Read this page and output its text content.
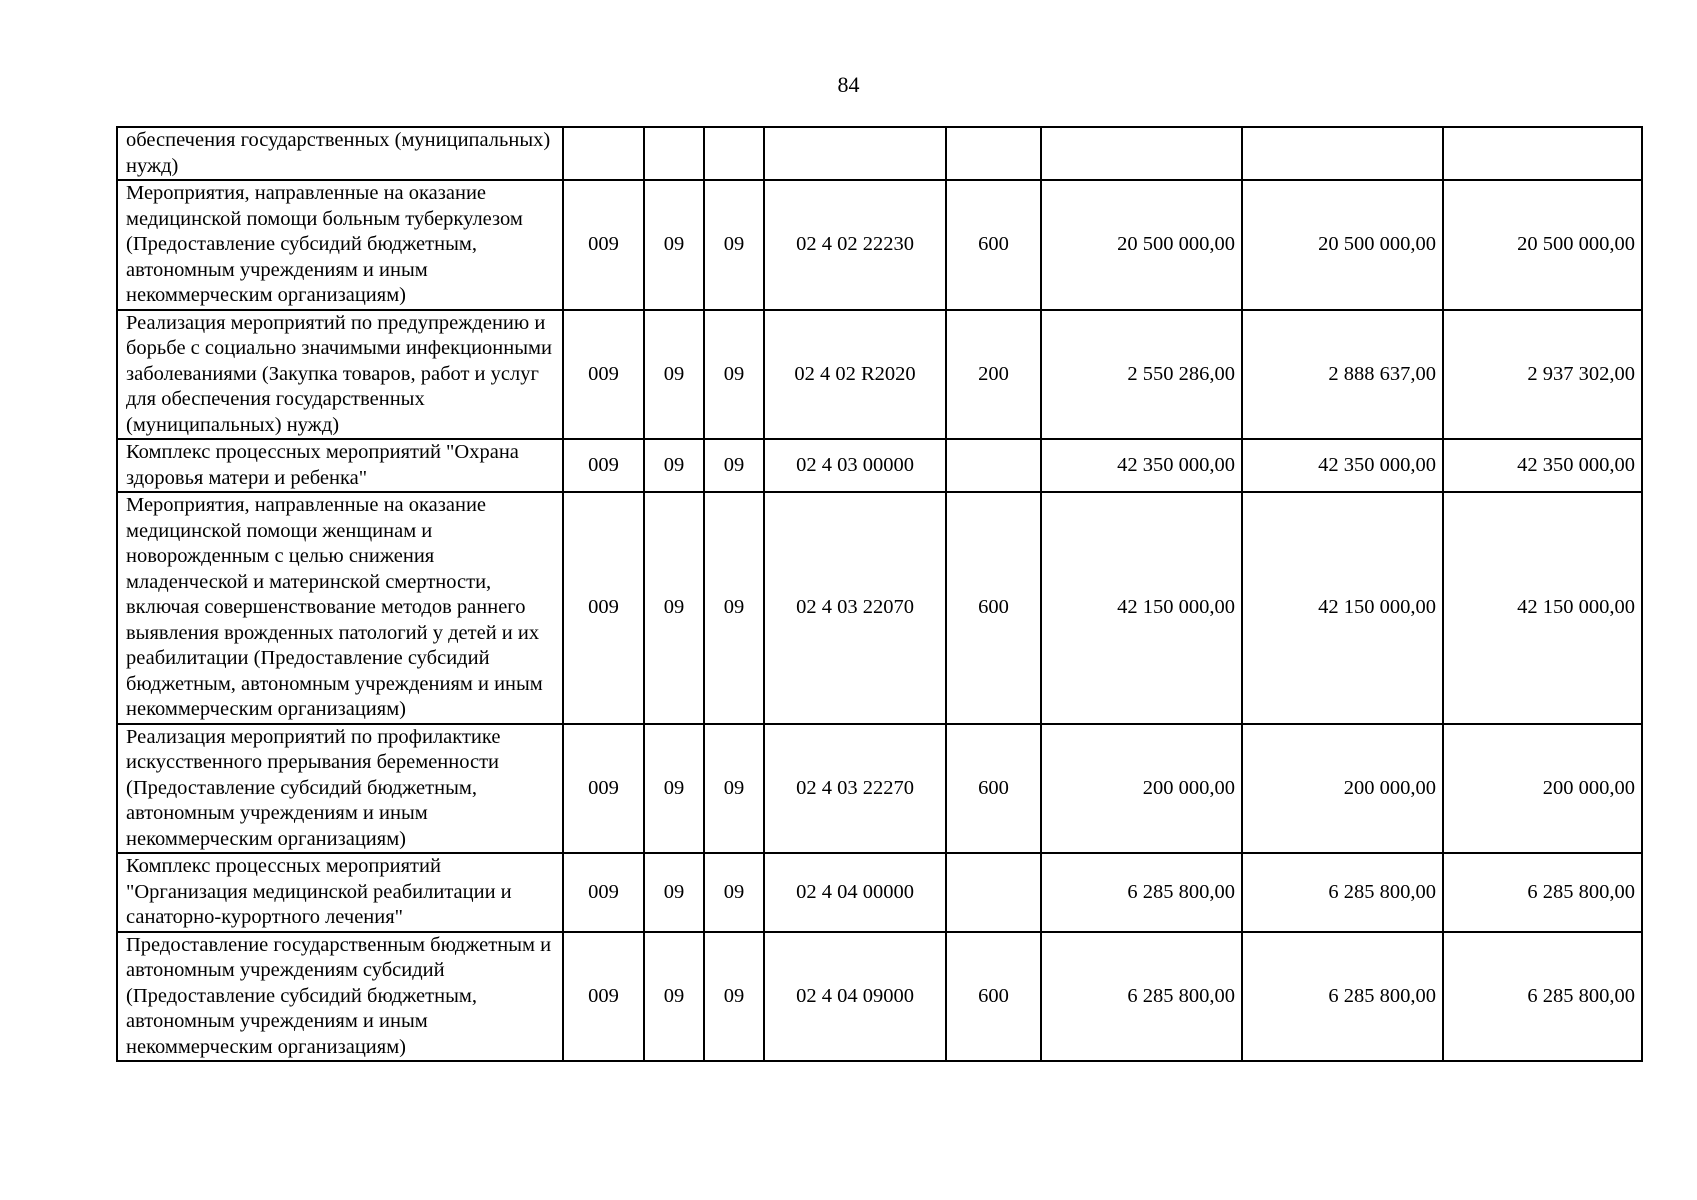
84
обеспечения государственных (муниципальных) нужд)								
Мероприятия, направленные на оказание медицинской помощи больным туберкулезом (Предоставление субсидий бюджетным, автономным учреждениям и иным некоммерческим организациям)	009	09	09	02 4 02 22230	600	20 500 000,00	20 500 000,00	20 500 000,00
Реализация мероприятий по предупреждению и борьбе с социально значимыми инфекционными заболеваниями (Закупка товаров, работ и услуг для обеспечения государственных (муниципальных) нужд)	009	09	09	02 4 02 R2020	200	2 550 286,00	2 888 637,00	2 937 302,00
Комплекс процессных мероприятий "Охрана здоровья матери и ребенка"	009	09	09	02 4 03 00000		42 350 000,00	42 350 000,00	42 350 000,00
Мероприятия, направленные на оказание медицинской помощи женщинам и новорожденным с целью снижения младенческой и материнской смертности, включая совершенствование методов раннего выявления врожденных патологий у детей и их реабилитации (Предоставление субсидий бюджетным, автономным учреждениям и иным некоммерческим организациям)	009	09	09	02 4 03 22070	600	42 150 000,00	42 150 000,00	42 150 000,00
Реализация мероприятий по профилактике искусственного прерывания беременности (Предоставление субсидий бюджетным, автономным учреждениям и иным некоммерческим организациям)	009	09	09	02 4 03 22270	600	200 000,00	200 000,00	200 000,00
Комплекс процессных мероприятий "Организация медицинской реабилитации и санаторно-курортного лечения"	009	09	09	02 4 04 00000		6 285 800,00	6 285 800,00	6 285 800,00
Предоставление государственным бюджетным и автономным учреждениям субсидий (Предоставление субсидий бюджетным, автономным учреждениям и иным некоммерческим организациям)	009	09	09	02 4 04 09000	600	6 285 800,00	6 285 800,00	6 285 800,00
